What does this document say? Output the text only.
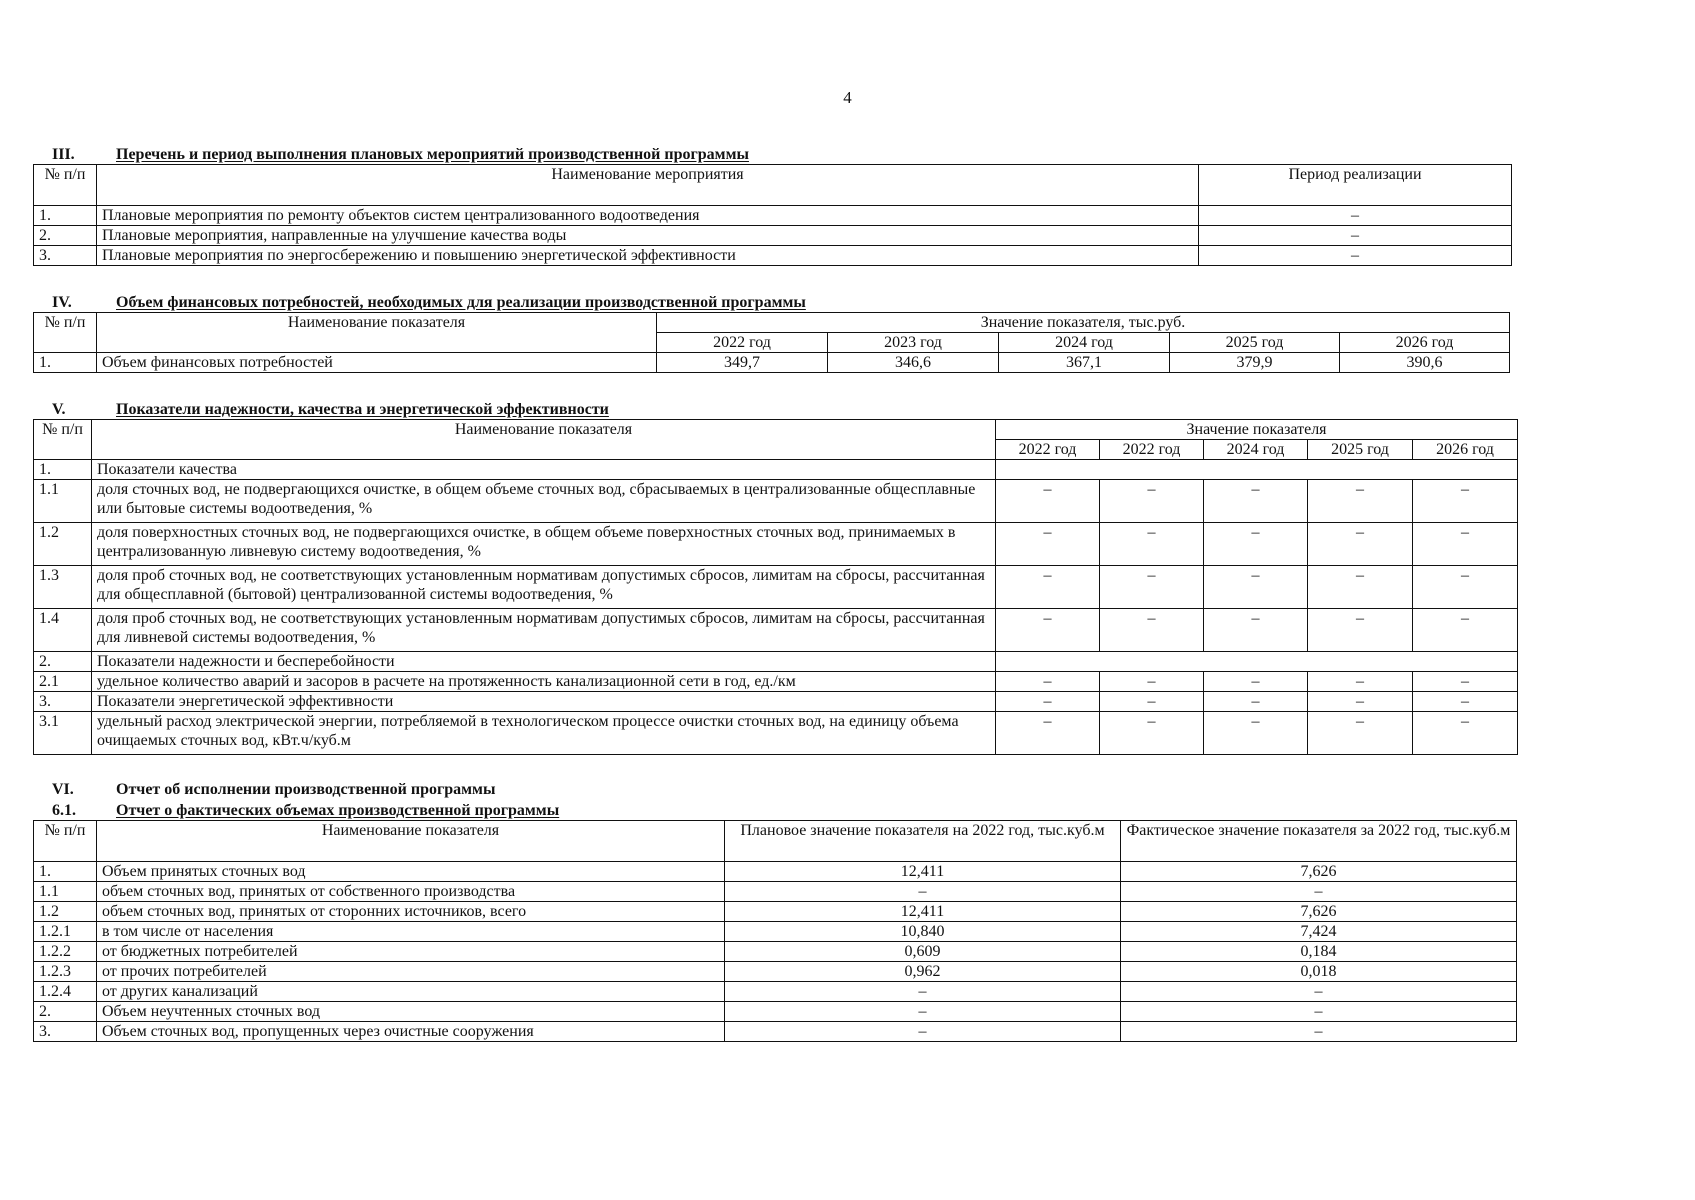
4
III.	Перечень и период выполнения плановых мероприятий производственной программы
№ п/п	Наименование мероприятия	Период реализации
1.	Плановые мероприятия по ремонту объектов систем централизованного водоотведения	–
2.	Плановые мероприятия, направленные на улучшение качества воды	–
3.	Плановые мероприятия по энергосбережению и повышению энергетической эффективности	–
IV.	Объем финансовых потребностей, необходимых для реализации производственной программы
№ п/п	Наименование показателя	Значение показателя, тыс.руб.				
		2022 год	2023 год	2024 год	2025 год	2026 год
1.	Объем финансовых потребностей	349,7	346,6	367,1	379,9	390,6
V.	Показатели надежности, качества и энергетической эффективности
№ п/п	Наименование показателя	Значение показателя				
		2022 год	2022 год	2024 год	2025 год	2026 год
1.	Показатели качества					
1.1	доля сточных вод, не подвергающихся очистке, в общем объеме сточных вод, сбрасываемых в централизованные общесплавные или бытовые системы водоотведения, %	–	–	–	–	–
1.2	доля поверхностных сточных вод, не подвергающихся очистке, в общем объеме поверхностных сточных вод, принимаемых в централизованную ливневую систему водоотведения, %	–	–	–	–	–
1.3	доля проб сточных вод, не соответствующих установленным нормативам допустимых сбросов, лимитам на сбросы, рассчитанная для общесплавной (бытовой) централизованной системы водоотведения, %	–	–	–	–	–
1.4	доля проб сточных вод, не соответствующих установленным нормативам допустимых сбросов, лимитам на сбросы, рассчитанная для ливневой системы водоотведения, %	–	–	–	–	–
2.	Показатели надежности и бесперебойности					
2.1	удельное количество аварий и засоров в расчете на протяженность канализационной сети в год, ед./км	–	–	–	–	–
3.	Показатели энергетической эффективности	–	–	–	–	–
3.1	удельный расход электрической энергии, потребляемой в технологическом процессе очистки сточных вод, на единицу объема очищаемых сточных вод, кВт.ч/куб.м	–	–	–	–	–
VI.	Отчет об исполнении производственной программы
6.1.	Отчет о фактических объемах производственной программы
№ п/п	Наименование показателя	Плановое значение показателя на 2022 год, тыс.куб.м	Фактическое значение показателя за 2022 год, тыс.куб.м
1.	Объем принятых сточных вод	12,411	7,626
1.1	объем сточных вод, принятых от собственного производства	–	–
1.2	объем сточных вод, принятых от сторонних источников, всего	12,411	7,626
1.2.1	в том числе от населения	10,840	7,424
1.2.2	от бюджетных потребителей	0,609	0,184
1.2.3	от прочих потребителей	0,962	0,018
1.2.4	от других канализаций	–	–
2.	Объем неучтенных сточных вод	–	–
3.	Объем сточных вод, пропущенных через очистные сооружения	–	–
